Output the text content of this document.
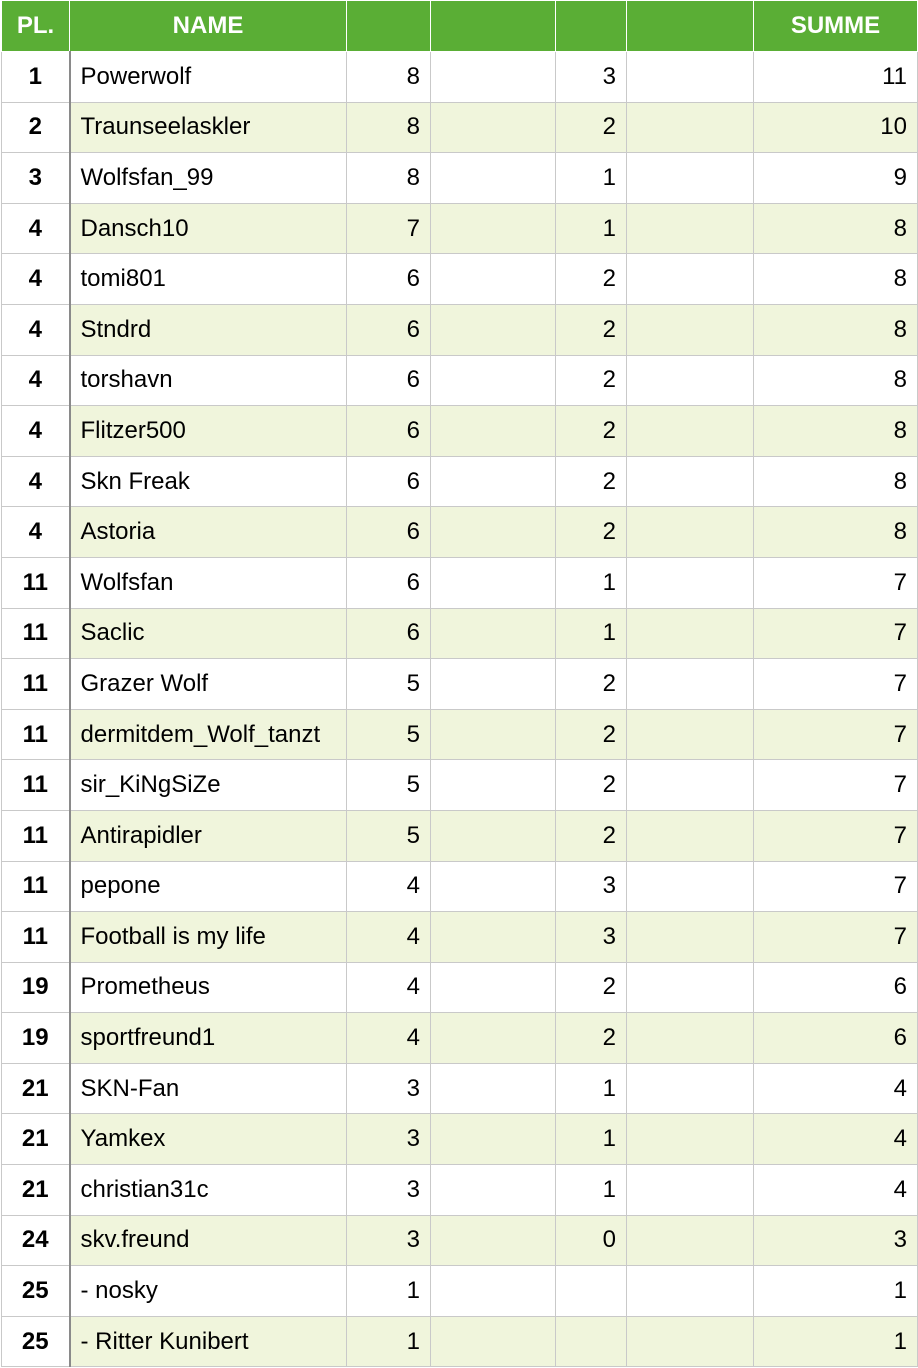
PL.	NAME					SUMME
1	Powerwolf	8		3		11
2	Traunseelaskler	8		2		10
3	Wolfsfan_99	8		1		9
4	Dansch10	7		1		8
4	tomi801	6		2		8
4	Stndrd	6		2		8
4	torshavn	6		2		8
4	Flitzer500	6		2		8
4	Skn Freak	6		2		8
4	Astoria	6		2		8
11	Wolfsfan	6		1		7
11	Saclic	6		1		7
11	Grazer Wolf	5		2		7
11	dermitdem_Wolf_tanzt	5		2		7
11	sir_KiNgSiZe	5		2		7
11	Antirapidler	5		2		7
11	pepone	4		3		7
11	Football is my life	4		3		7
19	Prometheus	4		2		6
19	sportfreund1	4		2		6
21	SKN-Fan	3		1		4
21	Yamkex	3		1		4
21	christian31c	3		1		4
24	skv.freund	3		0		3
25	- nosky	1				1
25	- Ritter Kunibert	1				1
